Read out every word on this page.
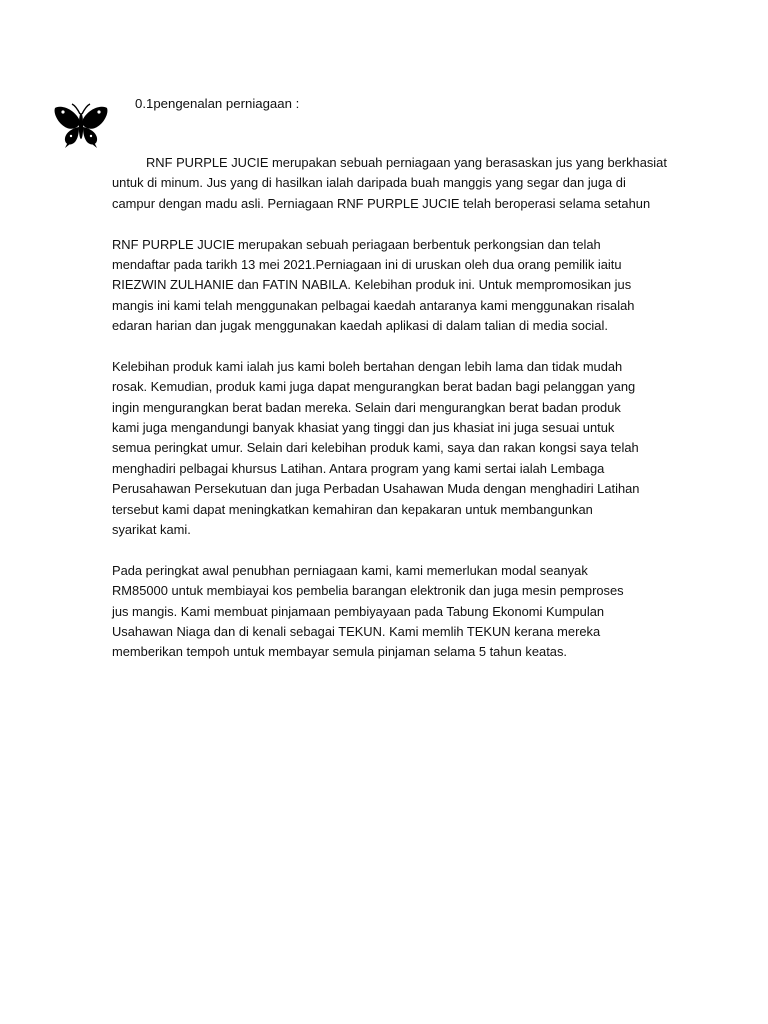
0.1pengenalan perniagaan :
RNF PURPLE JUCIE merupakan sebuah perniagaan yang berasaskan jus yang berkhasiat
untuk di minum. Jus yang di hasilkan ialah daripada buah manggis yang segar dan juga di
campur dengan madu asli. Perniagaan RNF PURPLE JUCIE telah beroperasi selama setahun
RNF PURPLE JUCIE merupakan sebuah periagaan berbentuk perkongsian dan telah
mendaftar pada tarikh 13 mei 2021.Perniagaan ini di uruskan oleh dua orang pemilik iaitu
RIEZWIN ZULHANIE dan FATIN NABILA. Kelebihan produk ini. Untuk mempromosikan jus
mangis ini kami telah menggunakan pelbagai kaedah antaranya kami menggunakan risalah
edaran harian dan jugak menggunakan kaedah aplikasi di dalam talian di media social.
Kelebihan produk kami ialah jus kami boleh bertahan dengan lebih lama dan tidak mudah
rosak. Kemudian, produk kami juga dapat mengurangkan berat badan bagi pelanggan yang
ingin mengurangkan berat badan mereka. Selain dari mengurangkan berat badan produk
kami juga mengandungi banyak khasiat yang tinggi dan jus khasiat ini juga sesuai untuk
semua peringkat umur. Selain dari kelebihan produk kami, saya dan rakan kongsi saya telah
menghadiri pelbagai khursus Latihan. Antara program yang kami sertai ialah Lembaga
Perusahawan Persekutuan dan juga Perbadan Usahawan Muda dengan menghadiri Latihan
tersebut kami dapat meningkatkan kemahiran dan kepakaran untuk membangunkan
syarikat kami.
Pada peringkat awal penubhan perniagaan kami, kami memerlukan modal seanyak
RM85000 untuk membiayai kos pembelia barangan elektronik dan juga mesin pemproses
jus mangis. Kami membuat pinjamaan pembiyayaan pada Tabung Ekonomi Kumpulan
Usahawan Niaga dan di kenali sebagai TEKUN. Kami memlih TEKUN kerana mereka
memberikan tempoh untuk membayar semula pinjaman selama 5 tahun keatas.
